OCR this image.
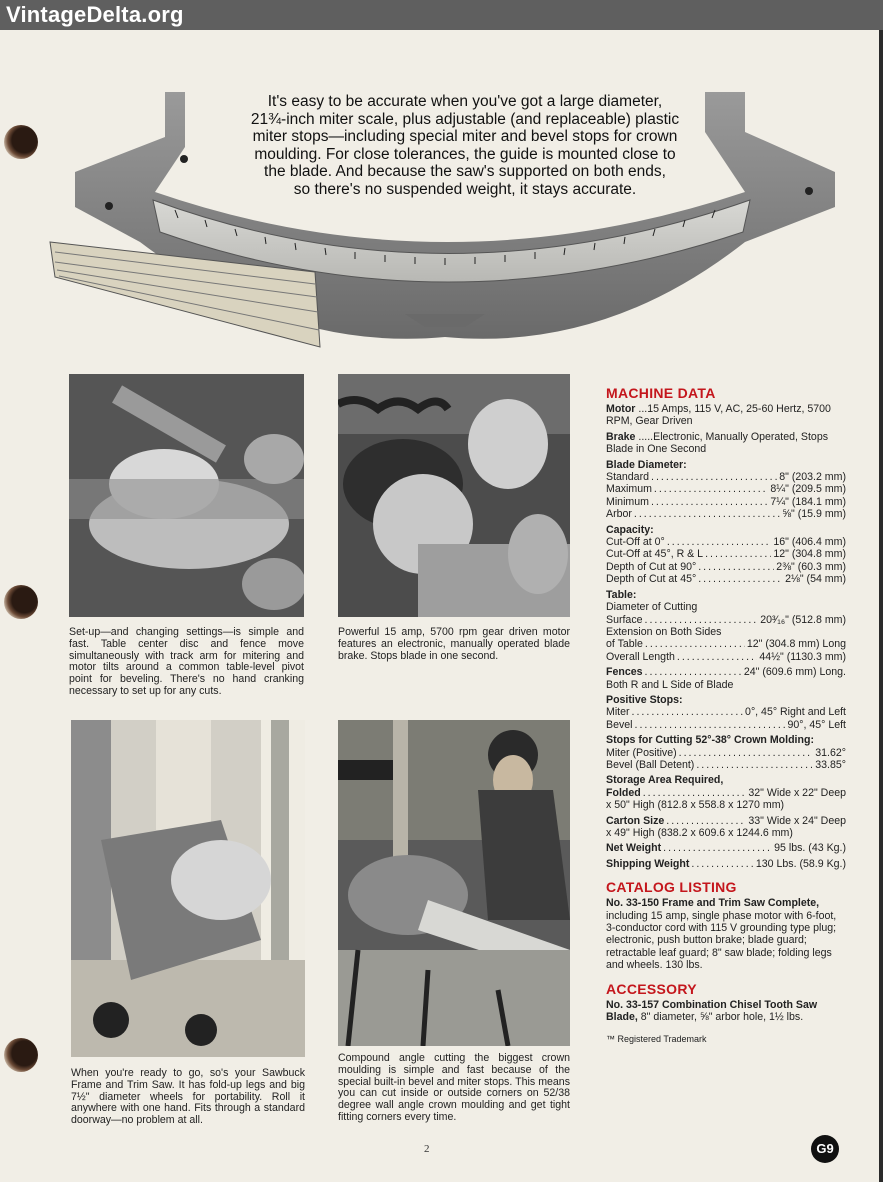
VintageDelta.org
It's easy to be accurate when you've got a large diameter,
21¾-inch miter scale, plus adjustable (and replaceable) plastic
miter stops—including special miter and bevel stops for crown
moulding. For close tolerances, the guide is mounted close to
the blade. And because the saw's supported on both ends,
so there's no suspended weight, it stays accurate.
Set-up—and changing settings—is simple and fast. Table center disc and fence move simultaneously with track arm for mitering and motor tilts around a common table-level pivot point for beveling. There's no hand cranking necessary to set up for any cuts.
Powerful 15 amp, 5700 rpm gear driven motor features an electronic, manually operated blade brake. Stops blade in one second.
When you're ready to go, so's your Sawbuck Frame and Trim Saw. It has fold-up legs and big 7½" diameter wheels for portability. Roll it anywhere with one hand. Fits through a standard doorway—no problem at all.
Compound angle cutting the biggest crown moulding is simple and fast because of the special built-in bevel and miter stops. This means you can cut inside or outside corners on 52/38 degree wall angle crown moulding and get tight fitting corners every time.
MACHINE DATA
Motor ...15 Amps, 115 V, AC, 25-60 Hertz, 5700 RPM, Gear Driven
Brake .....Electronic, Manually Operated, Stops Blade in One Second
Blade Diameter:
Standard .....	8" (203.2 mm)
Maximum .....	8¼" (209.5 mm)
Minimum .....	7¼" (184.1 mm)
Arbor .....	⅝" (15.9 mm)
Capacity:
Cut-Off at 0° .....	16" (406.4 mm)
Cut-Off at 45°, R & L .....	12" (304.8 mm)
Depth of Cut at 90° .....	2⅜" (60.3 mm)
Depth of Cut at 45° .....	2⅛" (54 mm)
Table:
Diameter of Cutting
Surface .....	20³⁄₁₆" (512.8 mm)
Extension on Both Sides
of Table .....	12" (304.8 mm) Long
Overall Length .....	44½" (1130.3 mm)
Fences .....	24" (609.6 mm) Long.
Both R and L Side of Blade
Positive Stops:
Miter .....	0°, 45° Right and Left
Bevel .....	90°, 45° Left
Stops for Cutting 52°-38° Crown Molding:
Miter (Positive) .....	31.62°
Bevel (Ball Detent) .....	33.85°
Storage Area Required,
Folded .....	32" Wide x 22" Deep
x 50" High (812.8 x 558.8 x 1270 mm)
Carton Size .....	33" Wide x 24" Deep
x 49" High (838.2 x 609.6 x 1244.6 mm)
Net Weight .....	95 lbs. (43 Kg.)
Shipping Weight .....	130 Lbs. (58.9 Kg.)
CATALOG LISTING
No. 33-150 Frame and Trim Saw Complete, including 15 amp, single phase motor with 6-foot, 3-conductor cord with 115 V grounding type plug; electronic, push button brake; blade guard; retractable leaf guard; 8" saw blade; folding legs and wheels. 130 lbs.
ACCESSORY
No. 33-157 Combination Chisel Tooth Saw Blade, 8" diameter, ⅝" arbor hole, 1½ lbs.
™ Registered Trademark
2	G9
